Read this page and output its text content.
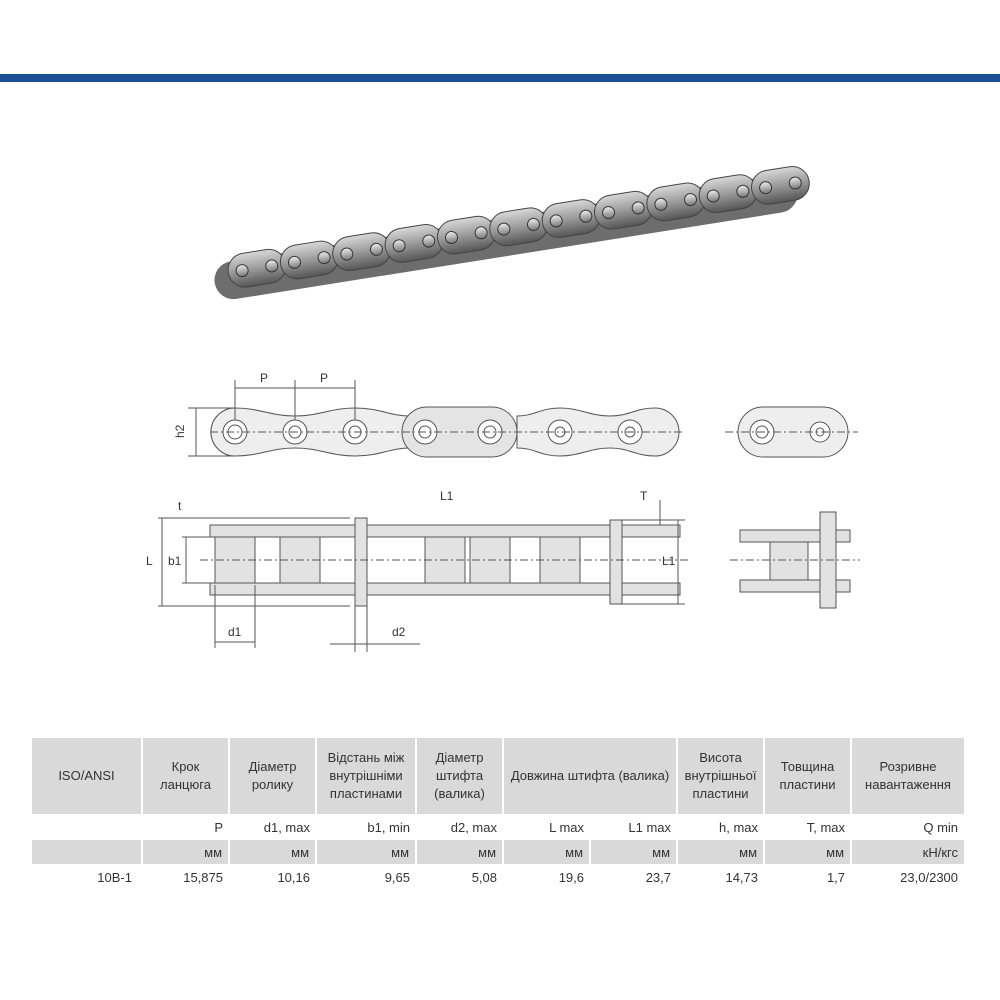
P	P
h2
t
L b1
d1	d2
L1	T
L1
ISO/ANSI	Крок ланцюга	Діаметр ролику	Відстань між внутрішніми пластинами	Діаметр штифта (валика)	Довжина штифта (валика)		Висота внутрішньої пластини	Товщина пластини	Розривне навантаження
	P	d1, max	b1, min	d2, max	L max	L1 max	h, max	T, max	Q min
	мм	мм	мм	мм	мм	мм	мм	мм	кН/кгс
10B-1	15,875	10,16	9,65	5,08	19,6	23,7	14,73	1,7	23,0/2300
